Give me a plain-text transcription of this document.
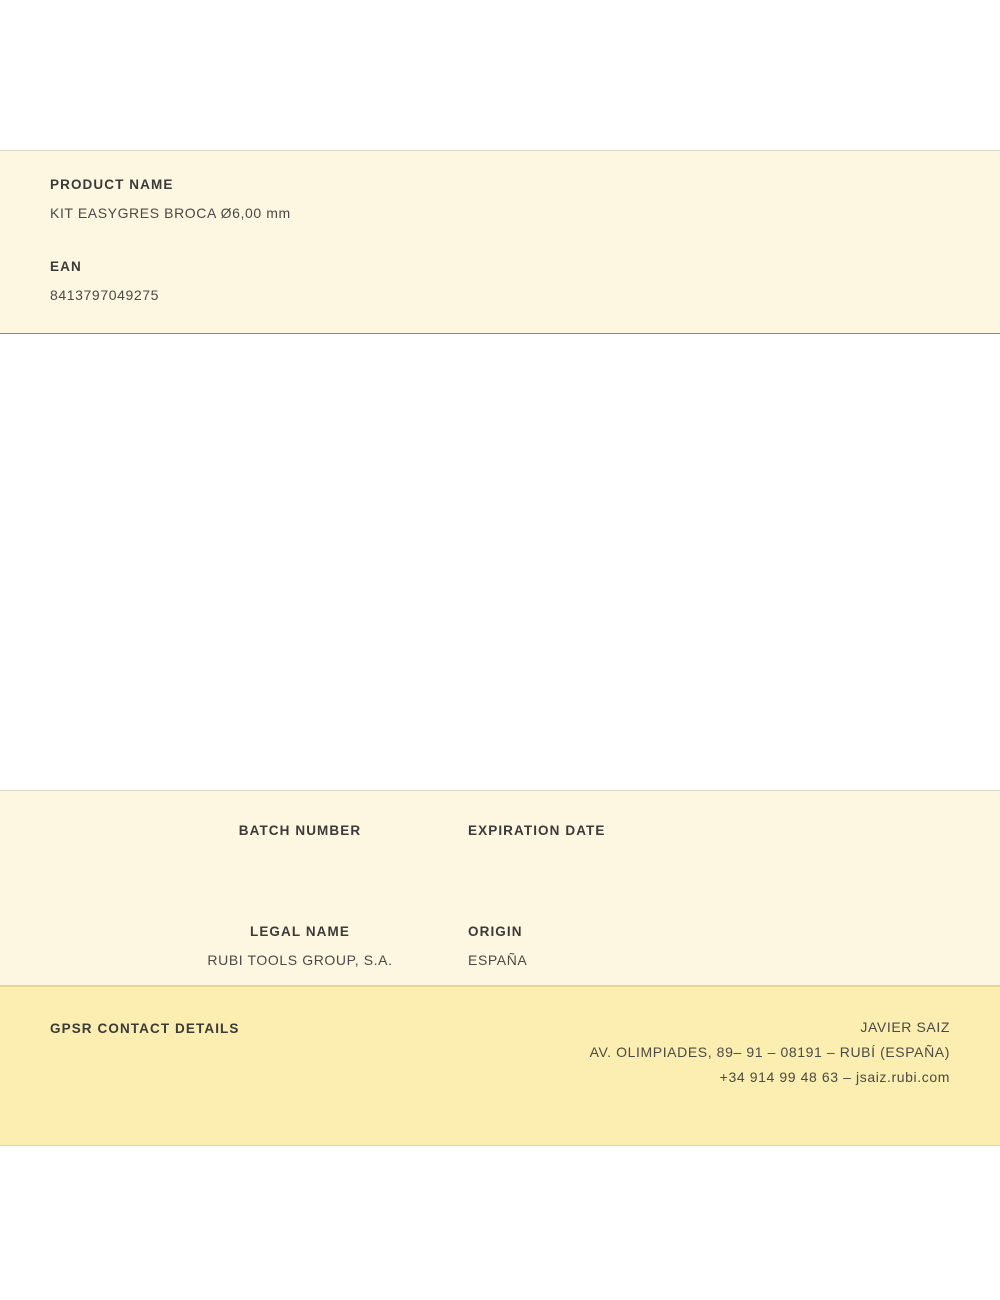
PRODUCT NAME

KIT EASYGRES BROCA Ø6,00 mm

EAN

8413797049275

BATCH NUMBER	EXPIRATION DATE

LEGAL NAME

RUBI TOOLS GROUP, S.A.

ORIGIN

ESPAÑA

GPSR CONTACT DETAILS	JAVIER SAIZ

AV. OLIMPIADES, 89– 91 – 08191 – RUBÍ (ESPAÑA)

+34 914 99 48 63 – jsaiz.rubi.com
